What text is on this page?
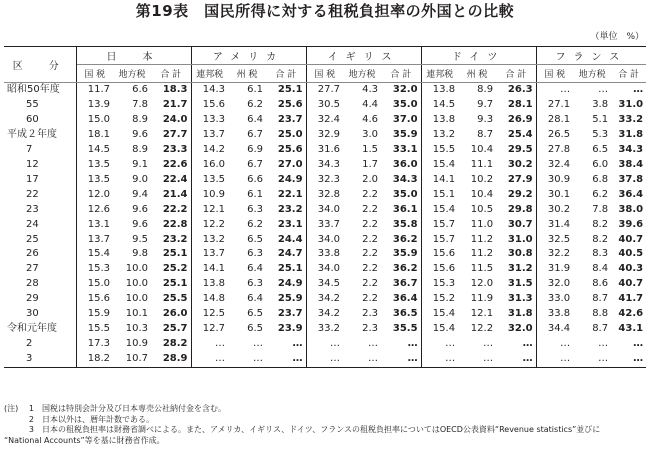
第19表　国民所得に対する租税負担率の外国との比較
（単位　%）
区　分	日　本			アメリカ			イギリス			ドイツ			フランス		
	国 税	地方税	合 計	連邦税	州 税	合 計	国 税	地方税	合 計	連邦税	州 税	合 計	国 税	地方税	合 計
昭和50年度	11.7	6.6	18.3	14.3	6.1	25.1	27.7	4.3	32.0	13.8	8.9	26.3	…	…	…
55	13.9	7.8	21.7	15.6	6.2	25.6	30.5	4.4	35.0	14.5	9.7	28.1	27.1	3.8	31.0
60	15.0	8.9	24.0	13.3	6.4	23.7	32.4	4.6	37.0	13.8	9.3	26.9	28.1	5.1	33.2
平成２年度	18.1	9.6	27.7	13.7	6.7	25.0	32.9	3.0	35.9	13.2	8.7	25.4	26.5	5.3	31.8
7	14.5	8.9	23.3	14.2	6.9	25.6	31.6	1.5	33.1	15.5	10.4	29.5	27.8	6.5	34.3
12	13.5	9.1	22.6	16.0	6.7	27.0	34.3	1.7	36.0	15.4	11.1	30.2	32.4	6.0	38.4
17	13.5	9.0	22.4	13.5	6.6	24.9	32.3	2.0	34.3	14.1	10.2	27.9	30.9	6.8	37.8
22	12.0	9.4	21.4	10.9	6.1	22.1	32.8	2.2	35.0	15.1	10.4	29.2	30.1	6.2	36.4
23	12.6	9.6	22.2	12.1	6.3	23.2	34.0	2.2	36.1	15.4	10.5	29.8	30.2	7.8	38.0
24	13.1	9.6	22.8	12.2	6.2	23.1	33.7	2.2	35.8	15.7	11.0	30.7	31.4	8.2	39.6
25	13.7	9.5	23.2	13.2	6.5	24.4	34.0	2.2	36.2	15.7	11.2	31.0	32.5	8.2	40.7
26	15.4	9.8	25.1	13.7	6.3	24.7	33.8	2.2	35.9	15.6	11.2	30.8	32.2	8.3	40.5
27	15.3	10.0	25.2	14.1	6.4	25.1	34.0	2.2	36.2	15.6	11.5	31.2	31.9	8.4	40.3
28	15.0	10.0	25.1	13.8	6.3	24.9	34.5	2.2	36.7	15.3	12.0	31.5	32.0	8.6	40.7
29	15.6	10.0	25.5	14.8	6.4	25.9	34.2	2.2	36.4	15.2	11.9	31.3	33.0	8.7	41.7
30	15.9	10.1	26.0	12.5	6.5	23.7	34.2	2.3	36.5	15.4	12.1	31.8	33.8	8.8	42.6
令和元年度	15.5	10.3	25.7	12.7	6.5	23.9	33.2	2.3	35.5	15.4	12.2	32.0	34.4	8.7	43.1
2	17.3	10.9	28.2	…	…	…	…	…	…	…	…	…	…	…	…
3	18.2	10.7	28.9	…	…	…	…	…	…	…	…	…	…	…	…
(注)	1	国税は特別会計分及び日本専売公社納付金を含む。
2	日本以外は、暦年計数である。
3	日本の租税負担率は財務省調べによる。また、アメリカ、イギリス、ドイツ、フランスの租税負担率についてはOECD公表資料“Revenue statistics”並びに
“National Accounts”等を基に財務省作成。
